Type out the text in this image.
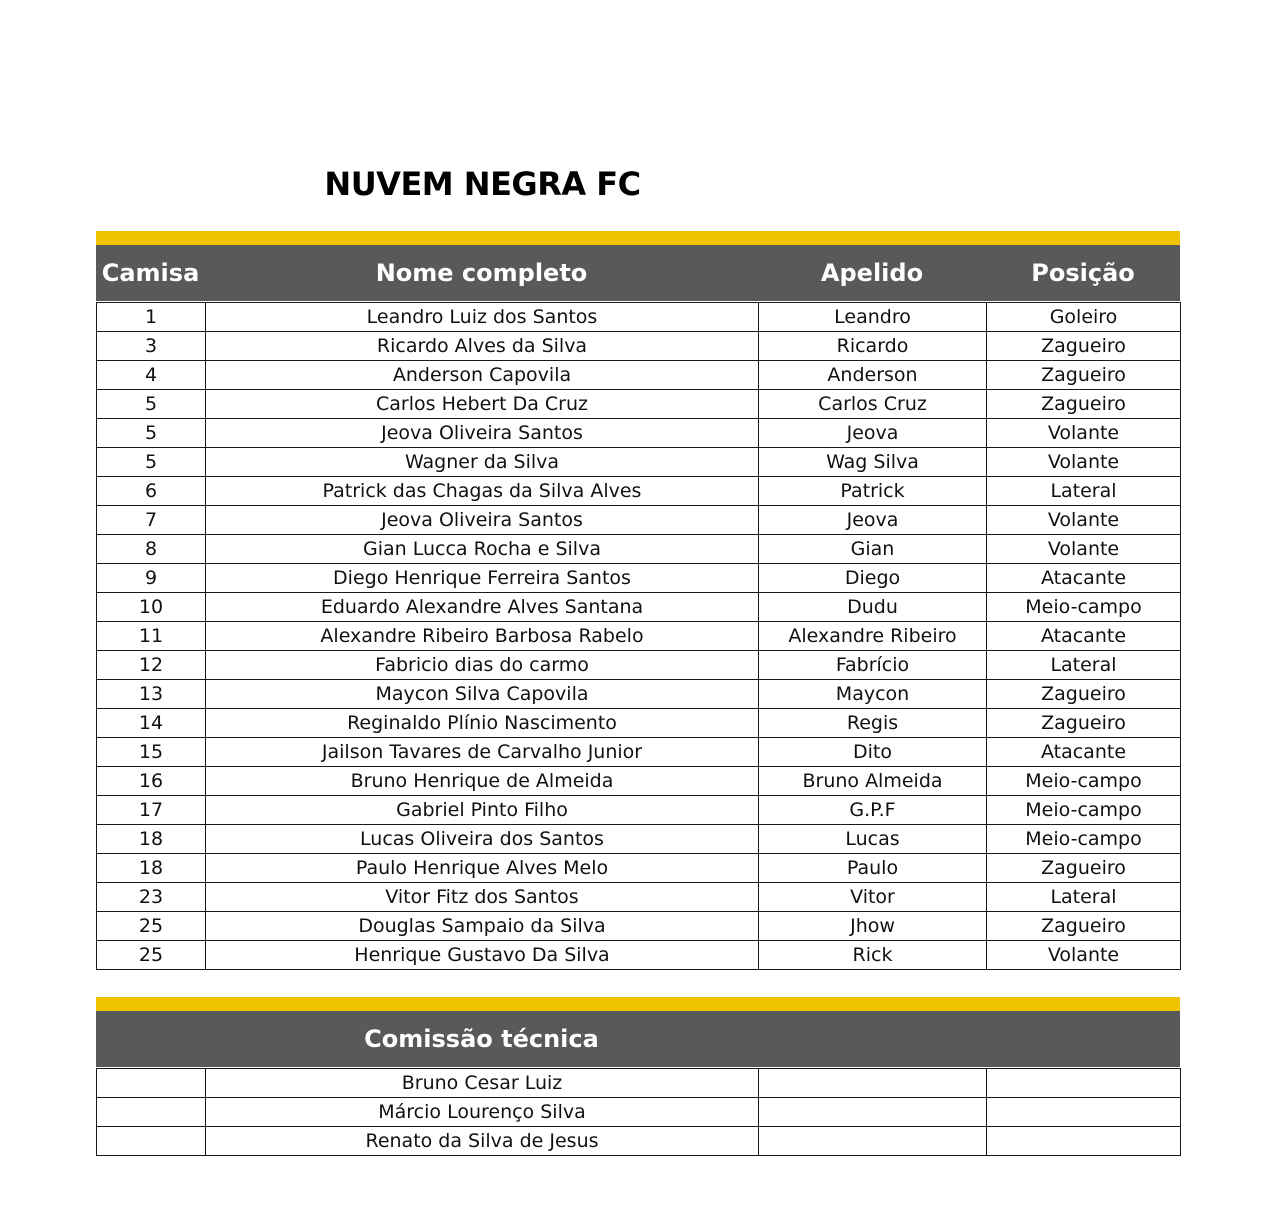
NUVEM NEGRA FC
Camisa	Nome completo	Apelido	Posição
1	Leandro Luiz dos Santos	Leandro	Goleiro
3	Ricardo Alves da Silva	Ricardo	Zagueiro
4	Anderson Capovila	Anderson	Zagueiro
5	Carlos Hebert Da Cruz	Carlos Cruz	Zagueiro
5	Jeova Oliveira Santos	Jeova	Volante
5	Wagner da Silva	Wag Silva	Volante
6	Patrick das Chagas da Silva Alves	Patrick	Lateral
7	Jeova Oliveira Santos	Jeova	Volante
8	Gian Lucca Rocha e Silva	Gian	Volante
9	Diego Henrique Ferreira Santos	Diego	Atacante
10	Eduardo Alexandre Alves Santana	Dudu	Meio-campo
11	Alexandre Ribeiro Barbosa Rabelo	Alexandre Ribeiro	Atacante
12	Fabricio dias do carmo	Fabrício	Lateral
13	Maycon Silva Capovila	Maycon	Zagueiro
14	Reginaldo Plínio Nascimento	Regis	Zagueiro
15	Jailson Tavares de Carvalho Junior	Dito	Atacante
16	Bruno Henrique de Almeida	Bruno Almeida	Meio-campo
17	Gabriel Pinto Filho	G.P.F	Meio-campo
18	Lucas Oliveira dos Santos	Lucas	Meio-campo
18	Paulo Henrique Alves Melo	Paulo	Zagueiro
23	Vitor Fitz dos Santos	Vitor	Lateral
25	Douglas Sampaio da Silva	Jhow	Zagueiro
25	Henrique Gustavo Da Silva	Rick	Volante
Comissão técnica
	Bruno Cesar Luiz		
	Márcio Lourenço Silva		
	Renato da Silva de Jesus		
